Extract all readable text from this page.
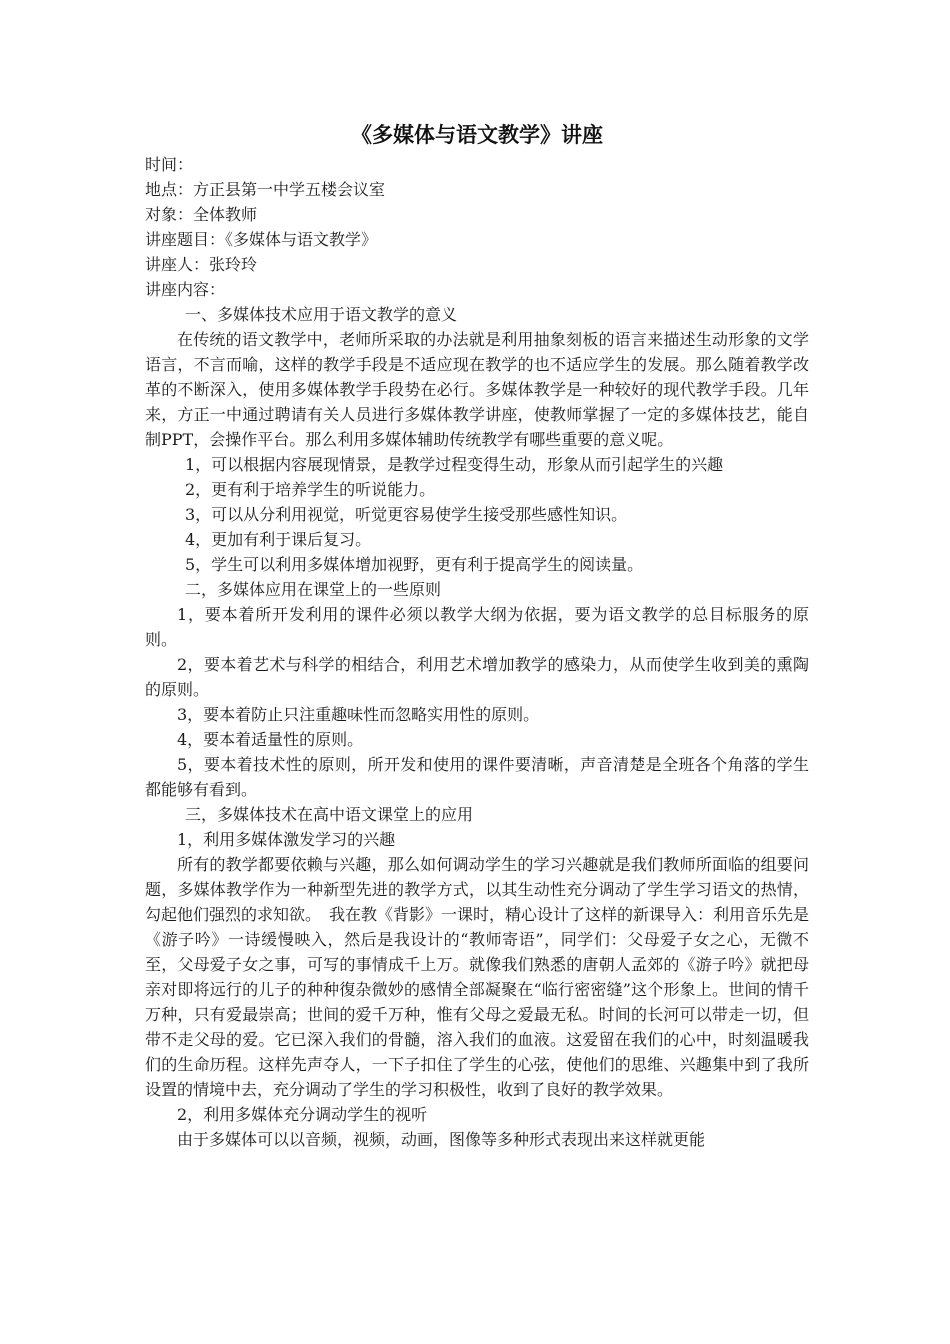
《多媒体与语文教学》讲座

时间：

地点：方正县第一中学五楼会议室

对象：全体教师

讲座题目：《多媒体与语文教学》

讲座人：张玲玲

讲座内容：

一、多媒体技术应用于语文教学的意义

在传统的语文教学中，老师所采取的办法就是利用抽象刻板的语言来描述生动形象的文学语言，不言而喻，这样的教学手段是不适应现在教学的也不适应学生的发展。那么随着教学改革的不断深入，使用多媒体教学手段势在必行。多媒体教学是一种较好的现代教学手段。几年来，方正一中通过聘请有关人员进行多媒体教学讲座，使教师掌握了一定的多媒体技艺，能自制PPT，会操作平台。那么利用多媒体辅助传统教学有哪些重要的意义呢。

1，可以根据内容展现情景，是教学过程变得生动，形象从而引起学生的兴趣

2，更有利于培养学生的听说能力。

3，可以从分利用视觉，听觉更容易使学生接受那些感性知识。

4，更加有利于课后复习。

5，学生可以利用多媒体增加视野，更有利于提高学生的阅读量。

二，多媒体应用在课堂上的一些原则

1，要本着所开发利用的课件必须以教学大纲为依据，要为语文教学的总目标服务的原则。

2，要本着艺术与科学的相结合，利用艺术增加教学的感染力，从而使学生收到美的熏陶的原则。

3，要本着防止只注重趣味性而忽略实用性的原则。

4，要本着适量性的原则。

5，要本着技术性的原则，所开发和使用的课件要清晰，声音清楚是全班各个角落的学生都能够有看到。

三，多媒体技术在高中语文课堂上的应用

1，利用多媒体激发学习的兴趣

所有的教学都要依赖与兴趣，那么如何调动学生的学习兴趣就是我们教师所面临的组要问题，多媒体教学作为一种新型先进的教学方式，以其生动性充分调动了学生学习语文的热情，勾起他们强烈的求知欲。　我在教《背影》一课时，精心设计了这样的新课导入：利用音乐先是《游子吟》一诗缓慢映入，然后是我设计的“教师寄语”，同学们：父母爱子女之心，无微不至，父母爱子女之事，可写的事情成千上万。就像我们熟悉的唐朝人孟郊的《游子吟》就把母亲对即将远行的儿子的种种復杂微妙的感情全部凝聚在“临行密密缝”这个形象上。世间的情千万种，只有爱最崇高；世间的爱千万种，惟有父母之爱最无私。时间的长河可以带走一切，但带不走父母的爱。它已深入我们的骨髓，溶入我们的血液。这爱留在我们的心中，时刻温暖我们的生命历程。这样先声夺人，一下子扣住了学生的心弦，使他们的思维、兴趣集中到了我所设置的情境中去，充分调动了学生的学习积极性，收到了良好的教学效果。

2，利用多媒体充分调动学生的视听

由于多媒体可以以音频，视频，动画，图像等多种形式表现出来这样就更能
